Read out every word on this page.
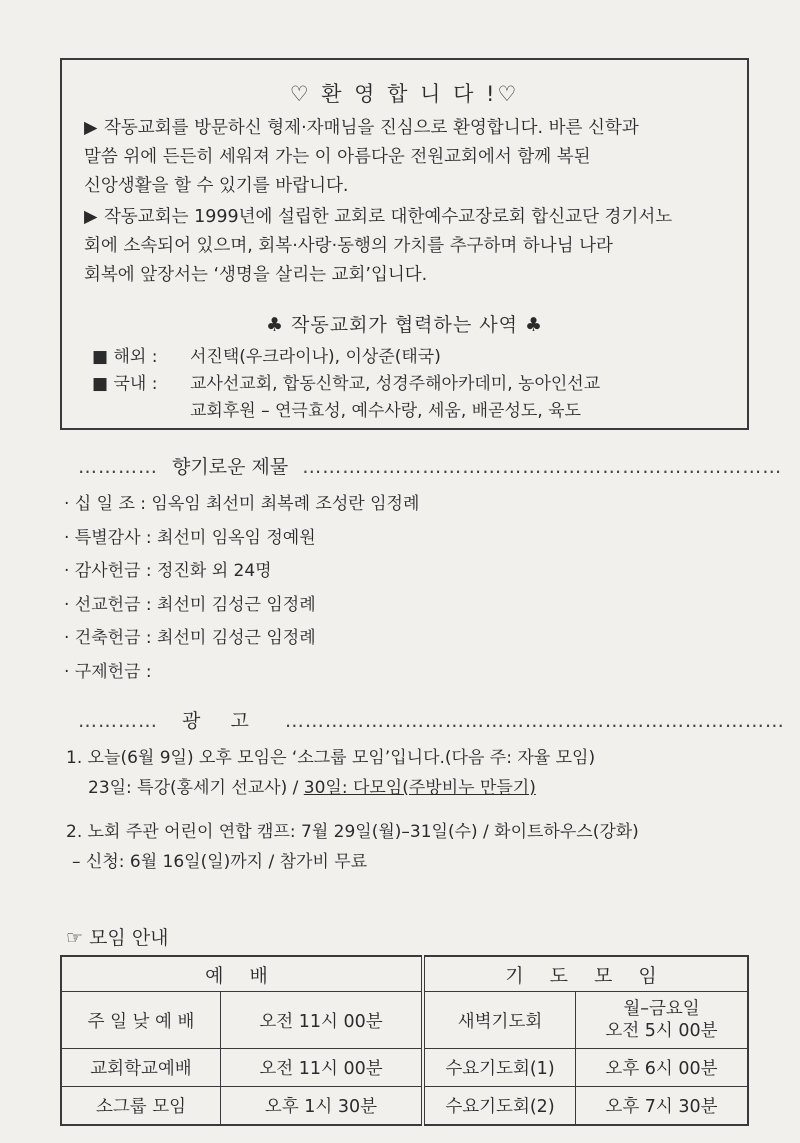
♡ 환 영 합 니 다 !♡
▶ 작동교회를 방문하신 형제·자매님을 진심으로 환영합니다. 바른 신학과
말씀 위에 든든히 세워져 가는 이 아름다운 전원교회에서 함께 복된
신앙생활을 할 수 있기를 바랍니다.
▶ 작동교회는 1999년에 설립한 교회로 대한예수교장로회 합신교단 경기서노
회에 소속되어 있으며, 회복·사랑·동행의 가치를 추구하며 하나님 나라
회복에 앞장서는 ‘생명을 살리는 교회’입니다.
♣ 작동교회가 협력하는 사역 ♣
■ 해외 : 서진택(우크라이나), 이상준(태국)
■ 국내 : 교사선교회, 합동신학교, 성경주해아카데미, 농아인선교
교회후원 – 연극효성, 예수사랑, 세움, 배곧성도, 육도
………… 향기로운 제물 ………………………………………………………………
· 십 일 조 : 임옥임 최선미 최복례 조성란 임정례
· 특별감사 : 최선미 임옥임 정예원
· 감사헌금 : 정진화 외 24명
· 선교헌금 : 최선미 김성근 임정례
· 건축헌금 : 최선미 김성근 임정례
· 구제헌금 :
………… 광 고 …………………………………………………………………
1. 오늘(6월 9일) 오후 모임은 ‘소그룹 모임’입니다.(다음 주: 자율 모임)
23일: 특강(홍세기 선교사) / 30일: 다모임(주방비누 만들기)
2. 노회 주관 어린이 연합 캠프: 7월 29일(월)–31일(수) / 화이트하우스(강화)
– 신청: 6월 16일(일)까지 / 참가비 무료
☞ 모임 안내
예 배		기 도 모 임	
주 일 낮 예 배	오전 11시 00분	새벽기도회	월–금요일
오전 5시 00분

교회학교예배	오전 11시 00분	수요기도회(1)	오후 6시 00분
소그룹 모임	오후 1시 30분	수요기도회(2)	오후 7시 30분
